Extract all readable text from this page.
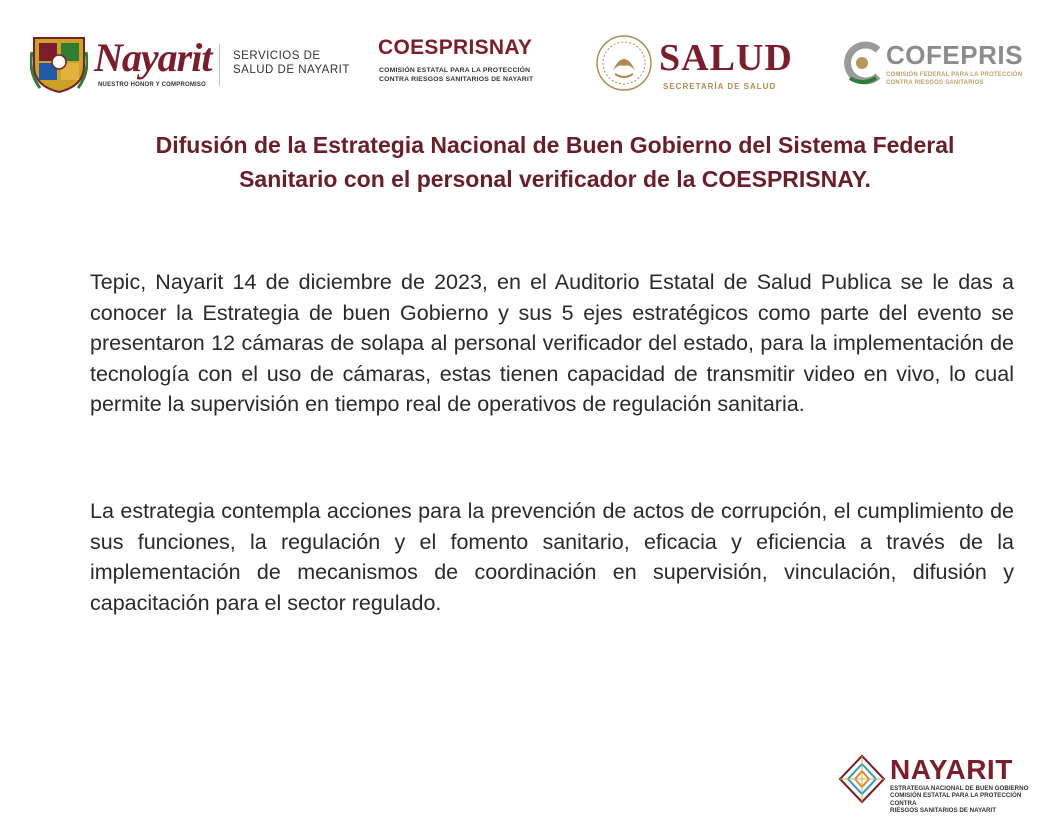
Nayarit
NUESTRO HONOR Y COMPROMISO
SERVICIOS DE
SALUD DE NAYARIT
COESPRISNAY
COMISIÓN ESTATAL PARA LA PROTECCIÓN
CONTRA RIESGOS SANITARIOS DE NAYARIT
SALUD
SECRETARÍA DE SALUD
COFEPRIS
COMISIÓN FEDERAL PARA LA PROTECCIÓN
CONTRA RIESGOS SANITARIOS
Difusión de la Estrategia Nacional de Buen Gobierno del Sistema Federal
Sanitario con el personal verificador de la COESPRISNAY.

Tepic, Nayarit 14 de diciembre de 2023, en el Auditorio Estatal de Salud Publica se le das a conocer la Estrategia de buen Gobierno y sus 5 ejes estratégicos como parte del evento se presentaron 12 cámaras de solapa al personal verificador del estado, para la implementación de tecnología con el uso de cámaras, estas tienen capacidad de transmitir video en vivo, lo cual permite la supervisión en tiempo real de operativos de regulación sanitaria.

La estrategia contempla acciones para la prevención de actos de corrupción, el cumplimiento de sus funciones, la regulación y el fomento sanitario, eficacia y eficiencia a través de la implementación de mecanismos de coordinación en supervisión, vinculación, difusión y capacitación para el sector regulado.

NAYARIT
ESTRATEGIA NACIONAL DE BUEN GOBIERNO
COMISIÓN ESTATAL PARA LA PROTECCIÓN CONTRA
RIESGOS SANITARIOS DE NAYARIT
